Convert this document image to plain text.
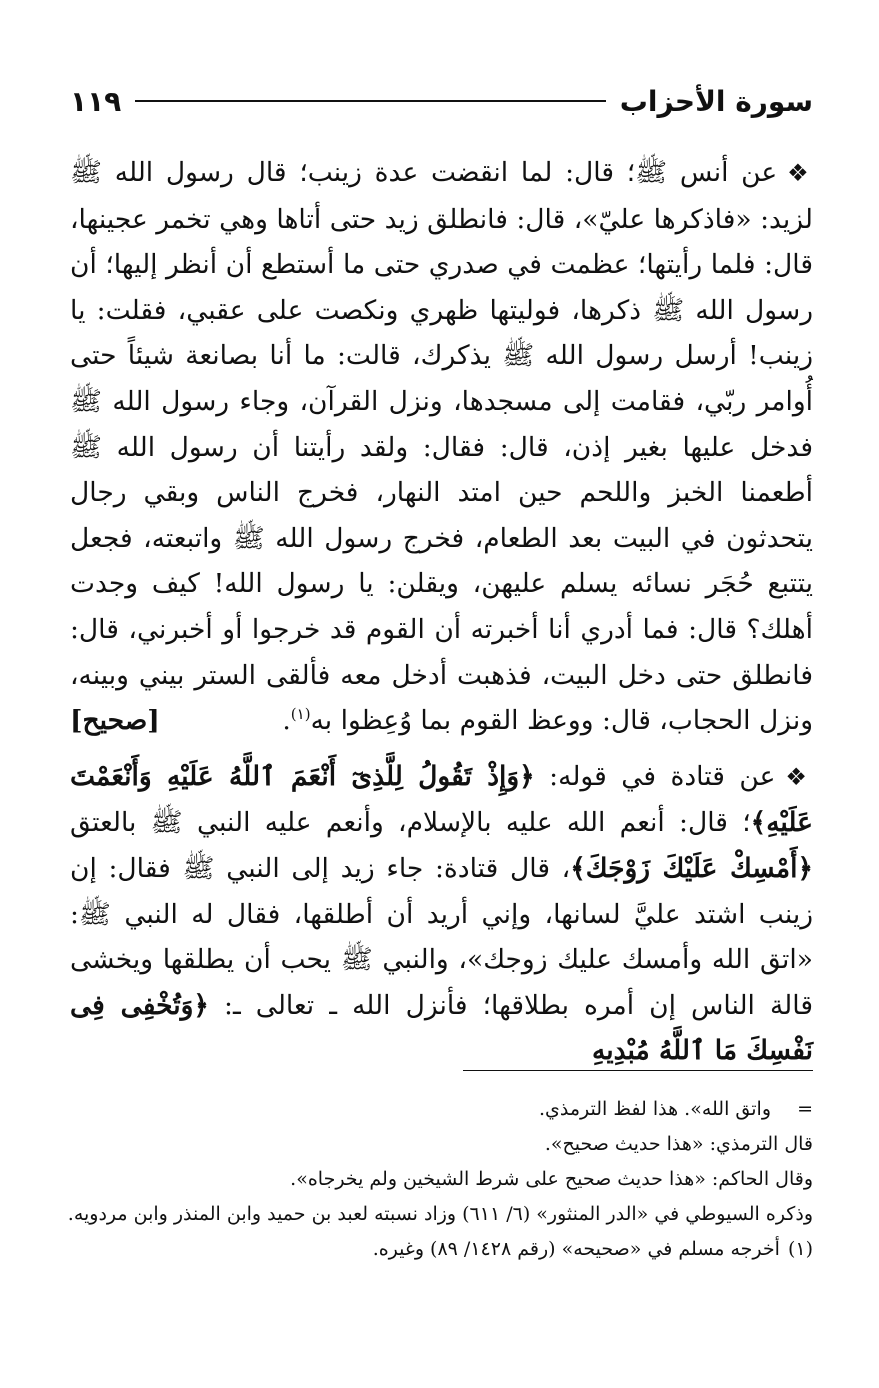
سورة الأحزاب
١١٩

❖عن أنس ﷺ؛ قال: لما انقضت عدة زينب؛ قال رسول الله ﷺ لزيد: «فاذكرها عليّ»، قال: فانطلق زيد حتى أتاها وهي تخمر عجينها، قال: فلما رأيتها؛ عظمت في صدري حتى ما أستطع أن أنظر إليها؛ أن رسول الله ﷺ ذكرها، فوليتها ظهري ونكصت على عقبي، فقلت: يا زينب! أرسل رسول الله ﷺ يذكرك، قالت: ما أنا بصانعة شيئاً حتى أُوامر ربّي، فقامت إلى مسجدها، ونزل القرآن، وجاء رسول الله ﷺ فدخل عليها بغير إذن، قال: فقال: ولقد رأيتنا أن رسول الله ﷺ أطعمنا الخبز واللحم حين امتد النهار، فخرج الناس وبقي رجال يتحدثون في البيت بعد الطعام، فخرج رسول الله ﷺ واتبعته، فجعل يتتبع حُجَر نسائه يسلم عليهن، ويقلن: يا رسول الله! كيف وجدت أهلك؟ قال: فما أدري أنا أخبرته أن القوم قد خرجوا أو أخبرني، قال: فانطلق حتى دخل البيت، فذهبت أدخل معه فألقى الستر بيني وبينه، ونزل الحجاب، قال: ووعظ القوم بما وُعِظوا به$^{(١)}$.
[صحيح]

❖عن قتادة في قوله: ﴿وَإِذْ تَقُولُ لِلَّذِىٓ أَنْعَمَ ٱللَّهُ عَلَيْهِ وَأَنْعَمْتَ عَلَيْهِ﴾؛ قال: أنعم الله عليه بالإسلام، وأنعم عليه النبي ﷺ بالعتق ﴿أَمْسِكْ عَلَيْكَ زَوْجَكَ﴾، قال قتادة: جاء زيد إلى النبي ﷺ فقال: إن زينب اشتد عليَّ لسانها، وإني أريد أن أطلقها، فقال له النبي ﷺ: «اتق الله وأمسك عليك زوجك»، والنبي ﷺ يحب أن يطلقها ويخشى قالة الناس إن أمره بطلاقها؛ فأنزل الله ـ تعالى ـ: ﴿وَتُخْفِى فِى نَفْسِكَ مَا ٱللَّهُ مُبْدِيهِ

=
واتق الله». هذا لفظ الترمذي.

قال الترمذي: «هذا حديث صحيح».

وقال الحاكم: «هذا حديث صحيح على شرط الشيخين ولم يخرجاه».

وذكره السيوطي في «الدر المنثور» (٦/ ٦١١) وزاد نسبته لعبد بن حميد وابن المنذر وابن مردويه.

(١)أخرجه مسلم في «صحيحه» (رقم ١٤٢٨/ ٨٩) وغيره.
